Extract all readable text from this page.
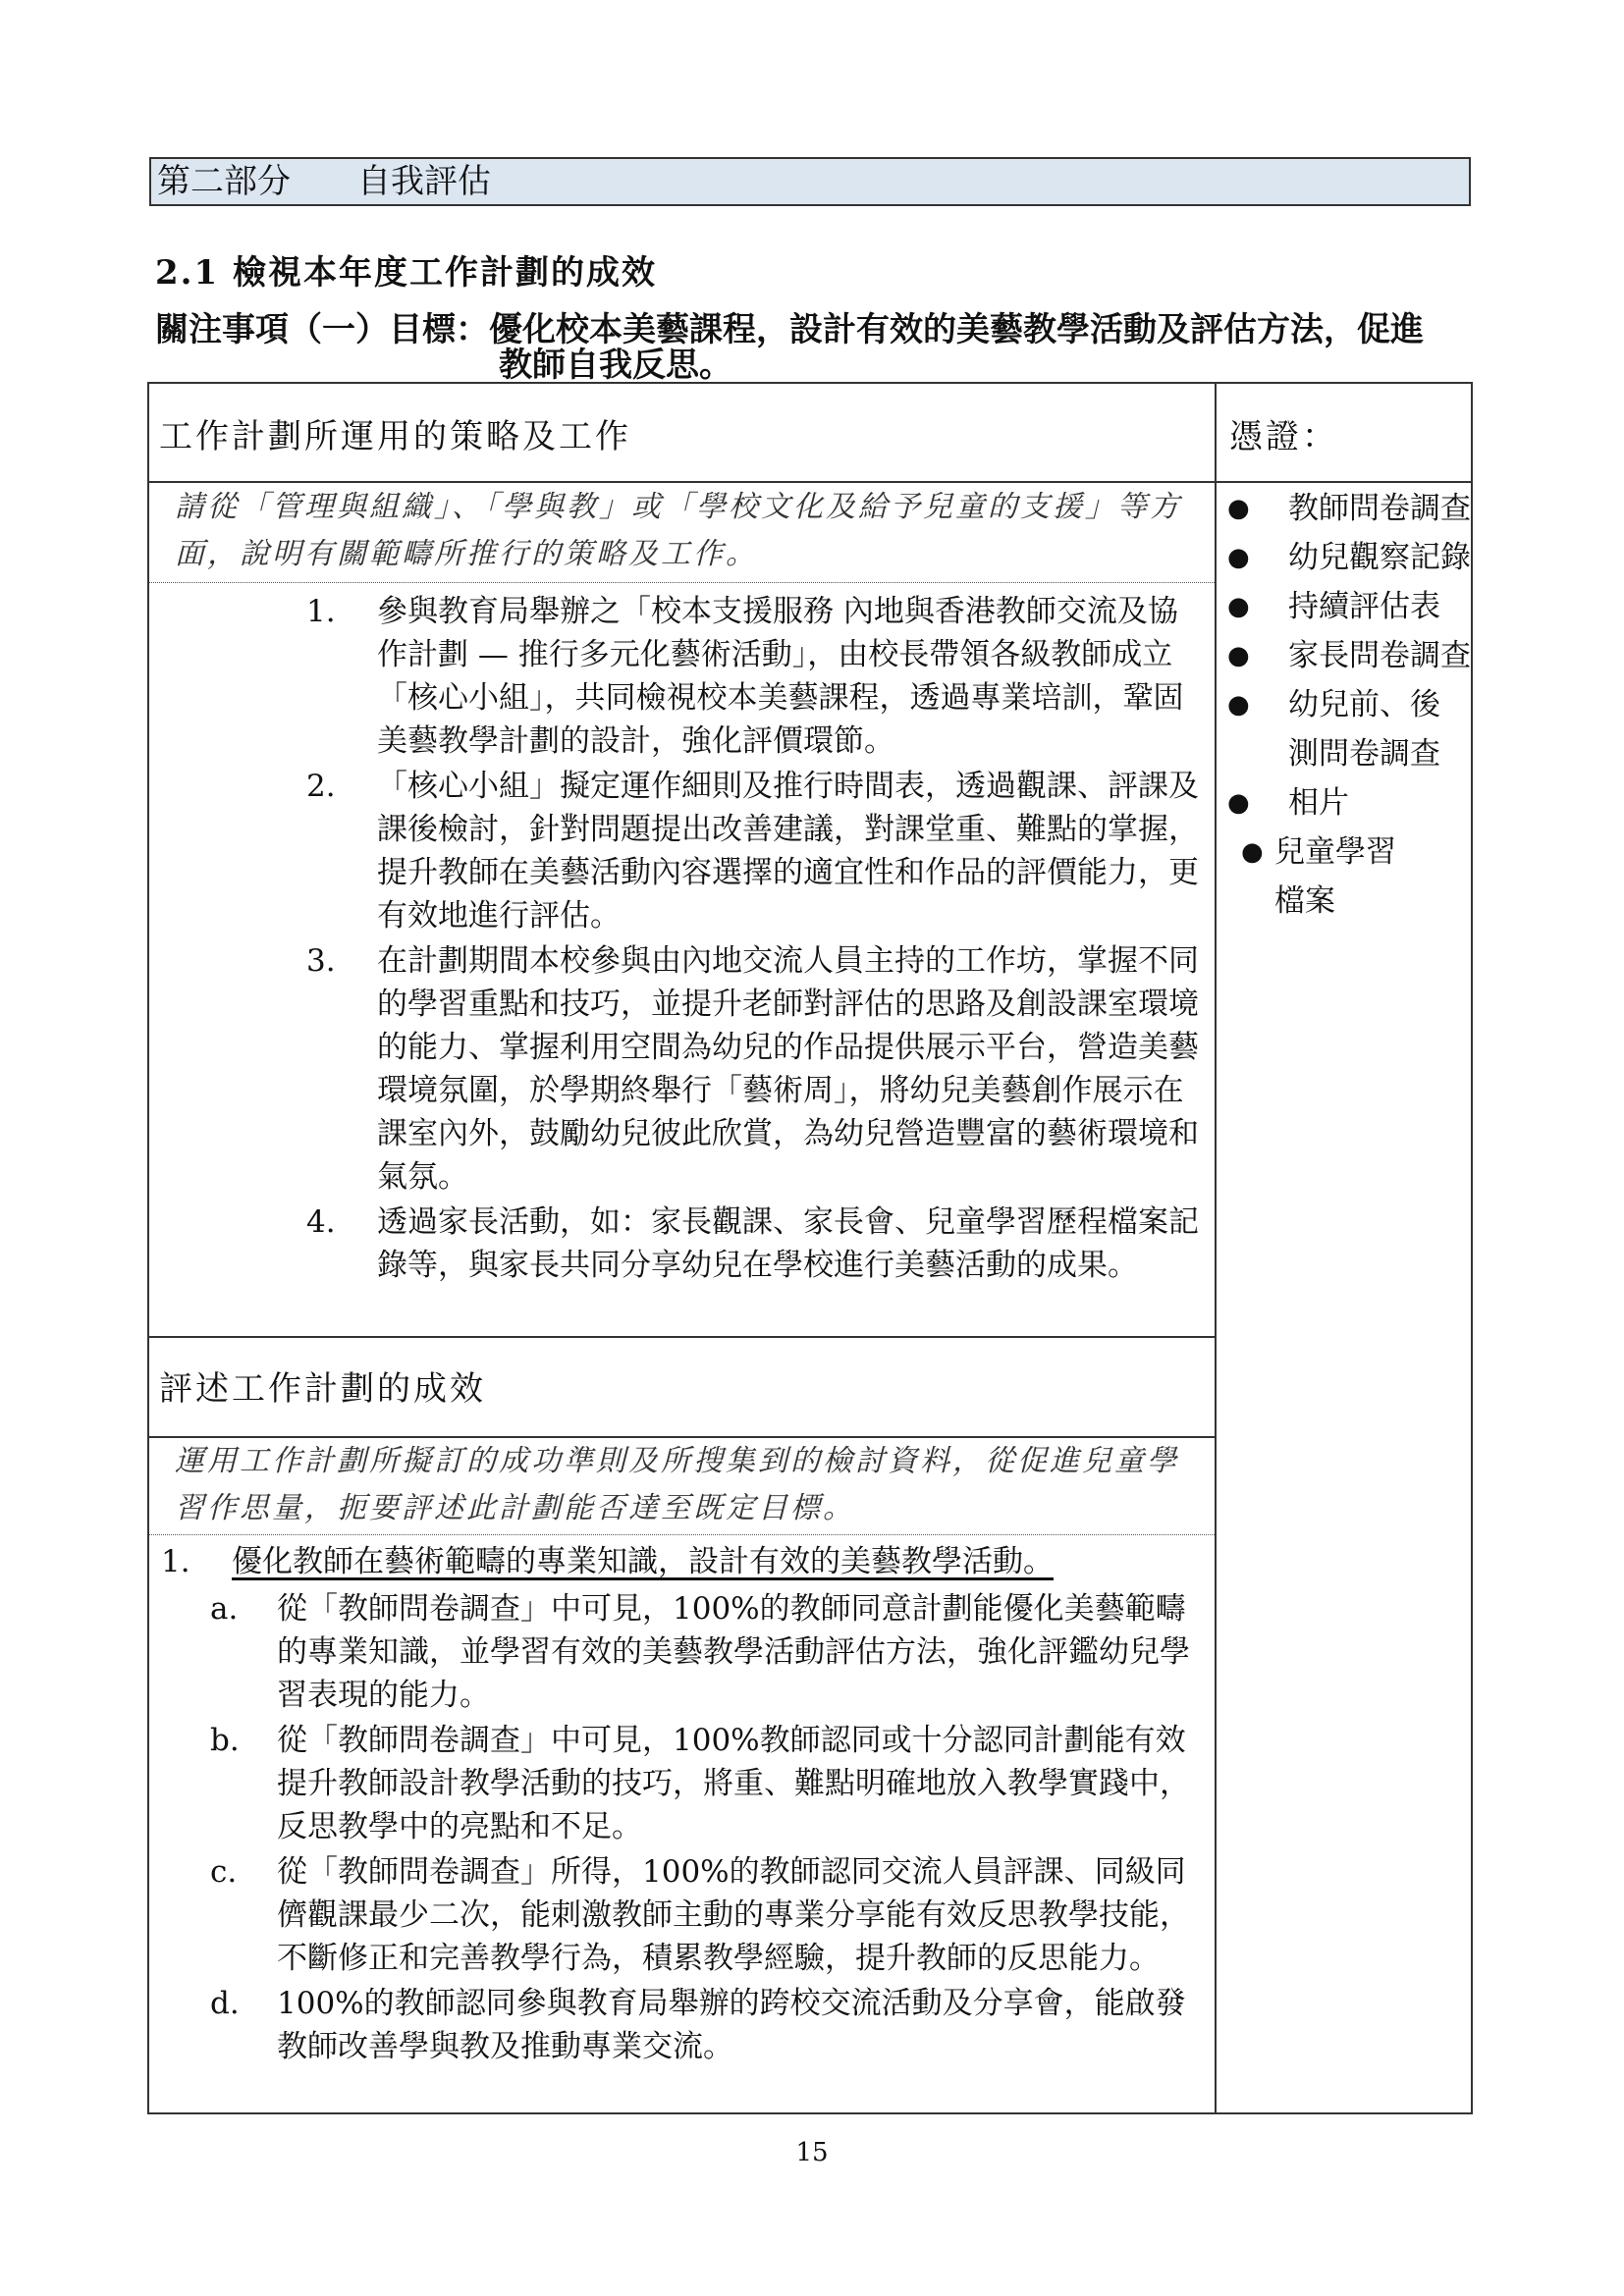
第二部分　　自我評估
2.1 檢視本年度工作計劃的成效
關注事項（一）目標：優化校本美藝課程，設計有效的美藝教學活動及評估方法，促進
教師自我反思。
工作計劃所運用的策略及工作	憑證：
請從「管理與組織」、「學與教」或「學校文化及給予兒童的支援」等方面，說明有關範疇所推行的策略及工作。
1. 參與教育局舉辦之「校本支援服務 內地與香港教師交流及協作計劃 — 推行多元化藝術活動」，由校長帶領各級教師成立「核心小組」，共同檢視校本美藝課程，透過專業培訓，鞏固美藝教學計劃的設計，強化評價環節。
2. 「核心小組」擬定運作細則及推行時間表，透過觀課、評課及課後檢討，針對問題提出改善建議，對課堂重、難點的掌握，提升教師在美藝活動內容選擇的適宜性和作品的評價能力，更有效地進行評估。
3. 在計劃期間本校參與由內地交流人員主持的工作坊，掌握不同的學習重點和技巧，並提升老師對評估的思路及創設課室環境的能力、掌握利用空間為幼兒的作品提供展示平台，營造美藝環境氛圍，於學期終舉行「藝術周」，將幼兒美藝創作展示在課室內外，鼓勵幼兒彼此欣賞，為幼兒營造豐富的藝術環境和氣氛。
4. 透過家長活動，如：家長觀課、家長會、兒童學習歷程檔案記錄等，與家長共同分享幼兒在學校進行美藝活動的成果。
● 教師問卷調查
● 幼兒觀察記錄
● 持續評估表
● 家長問卷調查
● 幼兒前、後測問卷調查
● 相片
● 兒童學習檔案
評述工作計劃的成效
運用工作計劃所擬訂的成功準則及所搜集到的檢討資料，從促進兒童學習作思量，扼要評述此計劃能否達至既定目標。
1. 優化教師在藝術範疇的專業知識，設計有效的美藝教學活動。
a. 從「教師問卷調查」中可見，100%的教師同意計劃能優化美藝範疇的專業知識，並學習有效的美藝教學活動評估方法，強化評鑑幼兒學習表現的能力。
b. 從「教師問卷調查」中可見，100%教師認同或十分認同計劃能有效提升教師設計教學活動的技巧，將重、難點明確地放入教學實踐中，反思教學中的亮點和不足。
c. 從「教師問卷調查」所得，100%的教師認同交流人員評課、同級同儕觀課最少二次，能刺激教師主動的專業分享能有效反思教學技能，不斷修正和完善教學行為，積累教學經驗，提升教師的反思能力。
d. 100%的教師認同參與教育局舉辦的跨校交流活動及分享會，能啟發教師改善學與教及推動專業交流。
15
